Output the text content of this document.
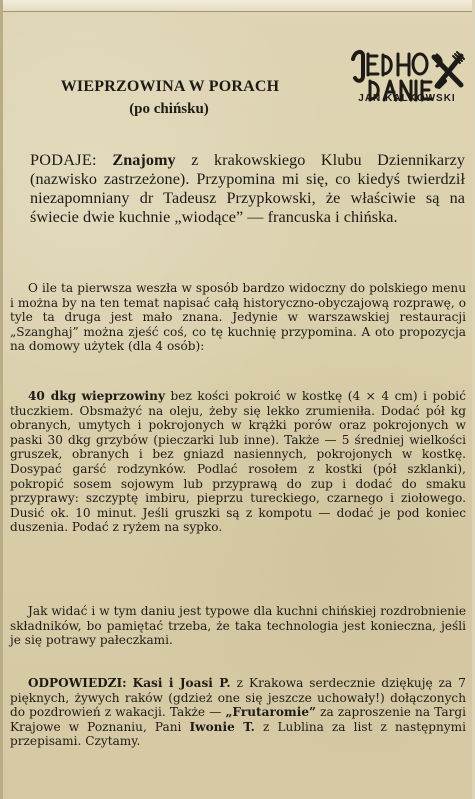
WIEPRZOWINA W PORACH
(po chińsku)
JAN KALKOWSKI
PODAJE: Znajomy z krakowskiego Klubu Dziennikarzy (nazwisko zastrzeżone). Przypomina mi się, co kiedyś twierdził niezapomniany dr Tadeusz Przypkowski, że właściwie są na świecie dwie kuchnie „wiodące” — francuska i chińska.
O ile ta pierwsza weszła w sposób bardzo widoczny do polskiego menu i można by na ten temat napisać całą historyczno-obyczajową rozprawę, o tyle ta druga jest mało znana. Jedynie w warszawskiej restauracji „Szanghaj” można zjeść coś, co tę kuchnię przypomina. A oto propozycja na domowy użytek (dla 4 osób):
40 dkg wieprzowiny bez kości pokroić w kostkę (4 × 4 cm) i pobić tłuczkiem. Obsmażyć na oleju, żeby się lekko zrumieniła. Dodać pół kg obranych, umytych i pokrojonych w krążki porów oraz pokrojonych w paski 30 dkg grzybów (pieczarki lub inne). Także — 5 średniej wielkości gruszek, obranych i bez gniazd nasiennych, pokrojonych w kostkę. Dosypać garść rodzynków. Podlać rosołem z kostki (pół szklanki), pokropić sosem sojowym lub przyprawą do zup i dodać do smaku przyprawy: szczyptę imbiru, pieprzu tureckiego, czarnego i ziołowego. Dusić ok. 10 minut. Jeśli gruszki są z kompotu — dodać je pod koniec duszenia. Podać z ryżem na sypko.
Jak widać i w tym daniu jest typowe dla kuchni chińskiej rozdrobnienie składników, bo pamiętać trzeba, że taka technologia jest konieczna, jeśli je się potrawy pałeczkami.
ODPOWIEDZI: Kasi i Joasi P. z Krakowa serdecznie dziękuję za 7 pięknych, żywych raków (gdzież one się jeszcze uchowały!) dołączonych do pozdrowień z wakacji. Także — „Frutaromie” za zaproszenie na Targi Krajowe w Poznaniu, Pani Iwonie T. z Lublina za list z następnymi przepisami. Czytamy.
